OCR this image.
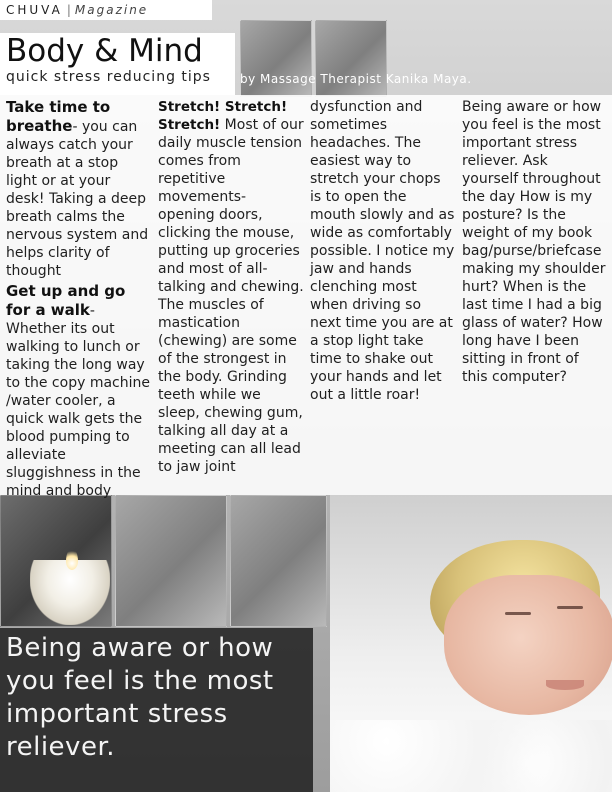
CHUVA | Magazine
Body & Mind
quick stress reducing tips by Massage Therapist Kanika Maya.

Take time to breathe- you can always catch your breath at a stop light or at your desk! Taking a deep breath calms the nervous system and helps clarity of thought

Get up and go for a walk- Whether its out walking to lunch or taking the long way to the copy machine /water cooler, a quick walk gets the blood pumping to alleviate sluggishness in the mind and body

Stretch! Stretch! Stretch! Most of our daily muscle tension comes from repetitive movements- opening doors, clicking the mouse, putting up groceries and most of all- talking and chewing. The muscles of mastication (chewing) are some of the strongest in the body. Grinding teeth while we sleep, chewing gum, talking all day at a meeting can all lead to jaw joint

dysfunction and sometimes headaches. The easiest way to stretch your chops is to open the mouth slowly and as wide as comfortably possible. I notice my jaw and hands clenching most when driving so next time you are at a stop light take time to shake out your hands and let out a little roar!

Being aware or how you feel is the most important stress reliever. Ask yourself throughout the day How is my posture? Is the weight of my book bag/purse/briefcase making my shoulder hurt? When is the last time I had a big glass of water? How long have I been sitting in front of this computer?

Being aware or how you feel is the most important stress reliever.
